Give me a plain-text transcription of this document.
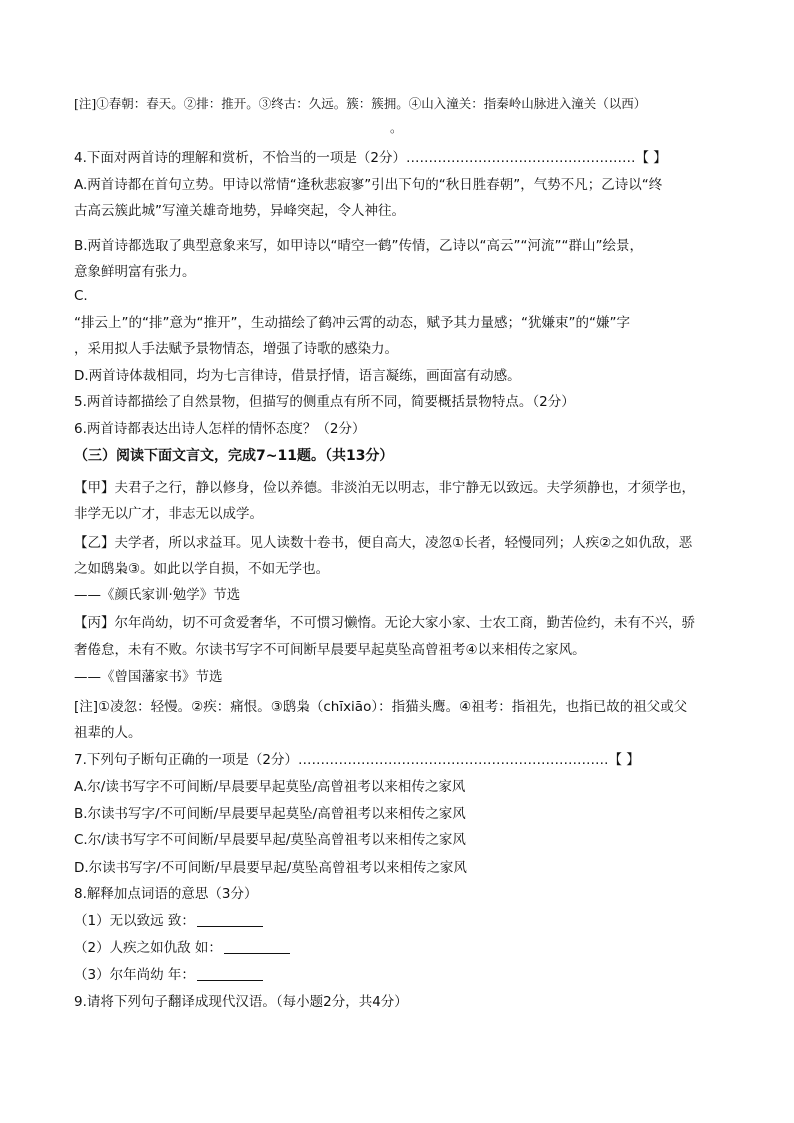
[注]①春朝：春天。②排：推开。③终古：久远。簇：簇拥。④山入潼关：指秦岭山脉进入潼关（以西）
。
4.下面对两首诗的理解和赏析，不恰当的一项是（2分）……………………………………………【 】
A.两首诗都在首句立势。甲诗以常情“逢秋悲寂寥”引出下句的“秋日胜春朝”，气势不凡；乙诗以“终
古高云簇此城”写潼关雄奇地势，异峰突起，令人神往。
B.两首诗都选取了典型意象来写，如甲诗以“晴空一鹤”传情，乙诗以“高云”“河流”“群山”绘景，
意象鲜明富有张力。
C.
“排云上”的“排”意为“推开”，生动描绘了鹤冲云霄的动态，赋予其力量感；“犹嫌束”的“嫌”字
，采用拟人手法赋予景物情态，增强了诗歌的感染力。
D.两首诗体裁相同，均为七言律诗，借景抒情，语言凝练，画面富有动感。
5.两首诗都描绘了自然景物，但描写的侧重点有所不同，简要概括景物特点。（2分）
6.两首诗都表达出诗人怎样的情怀态度？（2分）
（三）阅读下面文言文，完成7~11题。（共13分）
【甲】夫君子之行，静以修身，俭以养德。非淡泊无以明志，非宁静无以致远。夫学须静也，才须学也，
非学无以广才，非志无以成学。
【乙】夫学者，所以求益耳。见人读数十卷书，便自高大，凌忽①长者，轻慢同列；人疾②之如仇敌，恶
之如鸱枭③。如此以学自损，不如无学也。
——《颜氏家训·勉学》节选
【丙】尔年尚幼，切不可贪爱奢华，不可惯习懒惰。无论大家小家、士农工商，勤苦俭约，未有不兴，骄
奢倦怠，未有不败。尔读书写字不可间断早晨要早起莫坠高曾祖考④以来相传之家风。
——《曾国藩家书》节选
[注]①凌忽：轻慢。②疾：痛恨。③鸱枭（chīxiāo）：指猫头鹰。④祖考：指祖先，也指已故的祖父或父
祖辈的人。
7.下列句子断句正确的一项是（2分）……………………………………………………………【 】
A.尔/读书写字不可间断/早晨要早起莫坠/高曾祖考以来相传之家风
B.尔读书写字/不可间断/早晨要早起莫坠/高曾祖考以来相传之家风
C.尔/读书写字不可间断/早晨要早起/莫坠高曾祖考以来相传之家风
D.尔读书写字/不可间断/早晨要早起/莫坠高曾祖考以来相传之家风
8.解释加点词语的意思（3分）
（1）无以致远 致：
（2）人疾之如仇敌 如：
（3）尔年尚幼 年：
9.请将下列句子翻译成现代汉语。（每小题2分，共4分）
